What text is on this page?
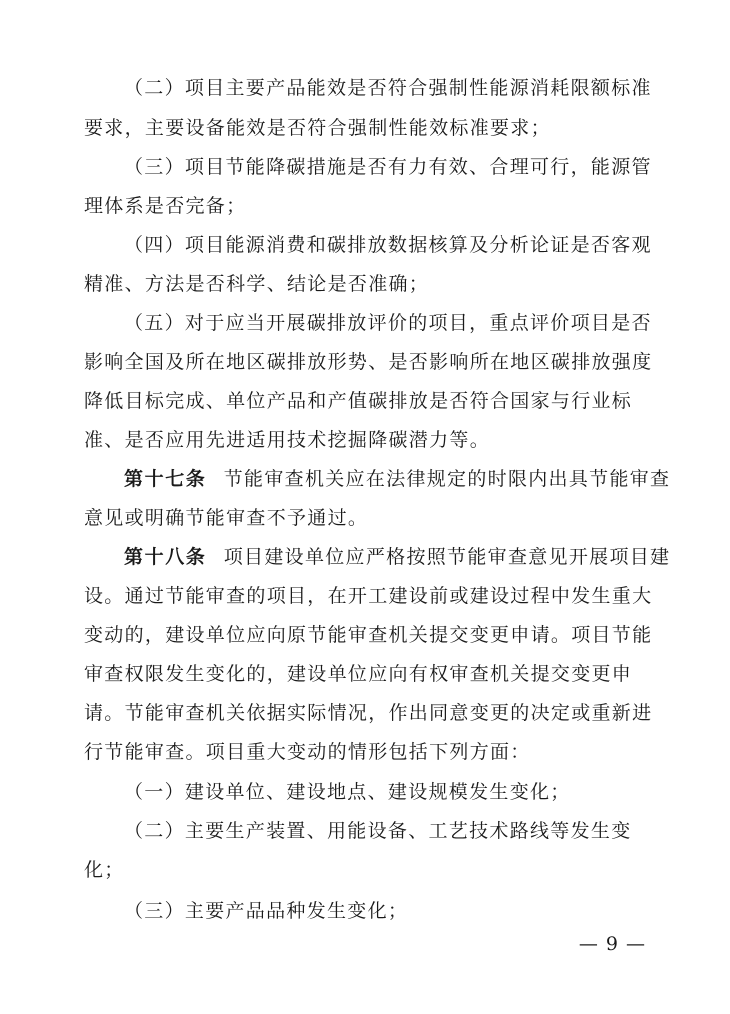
（二）项目主要产品能效是否符合强制性能源消耗限额标准
要求，主要设备能效是否符合强制性能效标准要求；
（三）项目节能降碳措施是否有力有效、合理可行，能源管
理体系是否完备；
（四）项目能源消费和碳排放数据核算及分析论证是否客观
精准、方法是否科学、结论是否准确；
（五）对于应当开展碳排放评价的项目，重点评价项目是否
影响全国及所在地区碳排放形势、是否影响所在地区碳排放强度
降低目标完成、单位产品和产值碳排放是否符合国家与行业标
准、是否应用先进适用技术挖掘降碳潜力等。
第十七条 节能审查机关应在法律规定的时限内出具节能审查
意见或明确节能审查不予通过。
第十八条 项目建设单位应严格按照节能审查意见开展项目建
设。通过节能审查的项目，在开工建设前或建设过程中发生重大
变动的，建设单位应向原节能审查机关提交变更申请。项目节能
审查权限发生变化的，建设单位应向有权审查机关提交变更申
请。节能审查机关依据实际情况，作出同意变更的决定或重新进
行节能审查。项目重大变动的情形包括下列方面：
（一）建设单位、建设地点、建设规模发生变化；
（二）主要生产装置、用能设备、工艺技术路线等发生变
化；
（三）主要产品品种发生变化；
— 9 —
